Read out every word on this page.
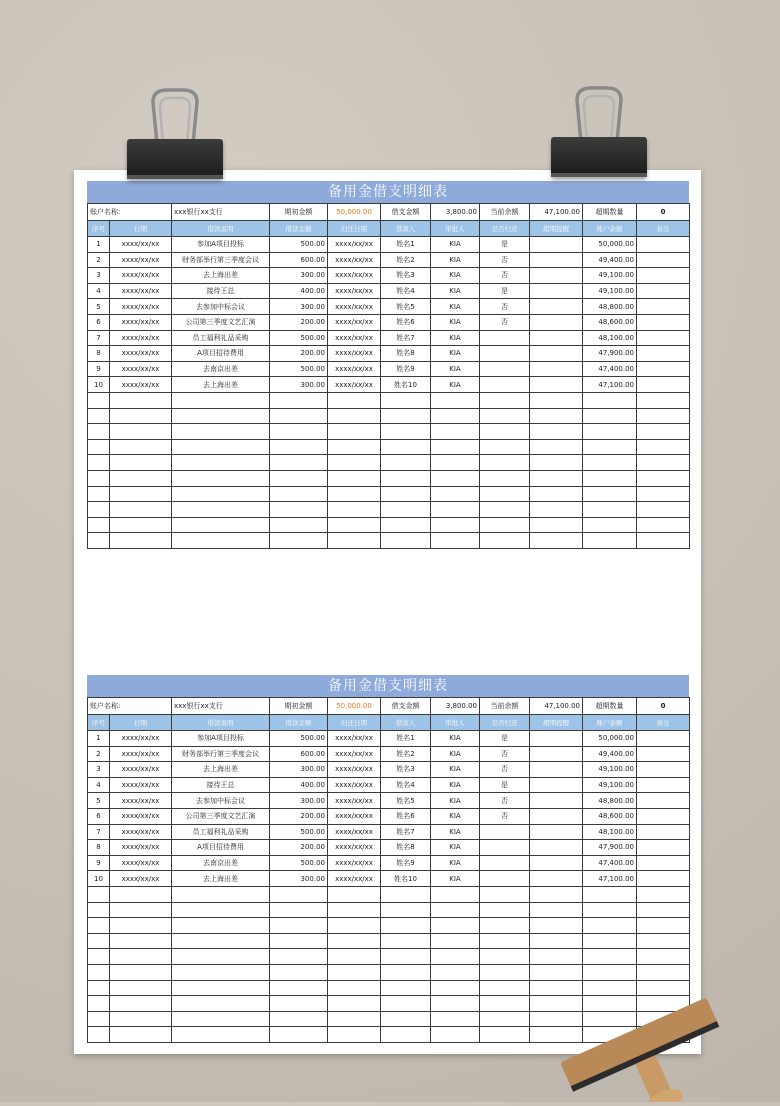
备用金借支明细表
账户名称:		xxx银行xx支行	期初金额	50,000.00	借支金额	3,800.00	当前余额	47,100.00	超期数量	0
序号	日期	借款说明	借款金额	归还日期	借款人	审批人	是否归还	超期提醒	账户余额	备注
1	xxxx/xx/xx	参加A项目投标	500.00	xxxx/xx/xx	姓名1	KIA	是		50,000.00	
2	xxxx/xx/xx	财务部举行第三季度会议	600.00	xxxx/xx/xx	姓名2	KIA	否		49,400.00	
3	xxxx/xx/xx	去上海出差	300.00	xxxx/xx/xx	姓名3	KIA	否		49,100.00	
4	xxxx/xx/xx	接待王总	400.00	xxxx/xx/xx	姓名4	KIA	是		49,100.00	
5	xxxx/xx/xx	去参加中标会议	300.00	xxxx/xx/xx	姓名5	KIA	否		48,800.00	
6	xxxx/xx/xx	公司第三季度文艺汇演	200.00	xxxx/xx/xx	姓名6	KIA	否		48,600.00	
7	xxxx/xx/xx	员工福利礼品采购	500.00	xxxx/xx/xx	姓名7	KIA			48,100.00	
8	xxxx/xx/xx	A项目招待费用	200.00	xxxx/xx/xx	姓名8	KIA			47,900.00	
9	xxxx/xx/xx	去南京出差	500.00	xxxx/xx/xx	姓名9	KIA			47,400.00	
10	xxxx/xx/xx	去上海出差	300.00	xxxx/xx/xx	姓名10	KIA			47,100.00	

备用金借支明细表
账户名称:		xxx银行xx支行	期初金额	50,000.00	借支金额	3,800.00	当前余额	47,100.00	超期数量	0
序号	日期	借款说明	借款金额	归还日期	借款人	审批人	是否归还	超期提醒	账户余额	备注
1	xxxx/xx/xx	参加A项目投标	500.00	xxxx/xx/xx	姓名1	KIA	是		50,000.00	
2	xxxx/xx/xx	财务部举行第三季度会议	600.00	xxxx/xx/xx	姓名2	KIA	否		49,400.00	
3	xxxx/xx/xx	去上海出差	300.00	xxxx/xx/xx	姓名3	KIA	否		49,100.00	
4	xxxx/xx/xx	接待王总	400.00	xxxx/xx/xx	姓名4	KIA	是		49,100.00	
5	xxxx/xx/xx	去参加中标会议	300.00	xxxx/xx/xx	姓名5	KIA	否		48,800.00	
6	xxxx/xx/xx	公司第三季度文艺汇演	200.00	xxxx/xx/xx	姓名6	KIA	否		48,600.00	
7	xxxx/xx/xx	员工福利礼品采购	500.00	xxxx/xx/xx	姓名7	KIA			48,100.00	
8	xxxx/xx/xx	A项目招待费用	200.00	xxxx/xx/xx	姓名8	KIA			47,900.00	
9	xxxx/xx/xx	去南京出差	500.00	xxxx/xx/xx	姓名9	KIA			47,400.00	
10	xxxx/xx/xx	去上海出差	300.00	xxxx/xx/xx	姓名10	KIA			47,100.00	
